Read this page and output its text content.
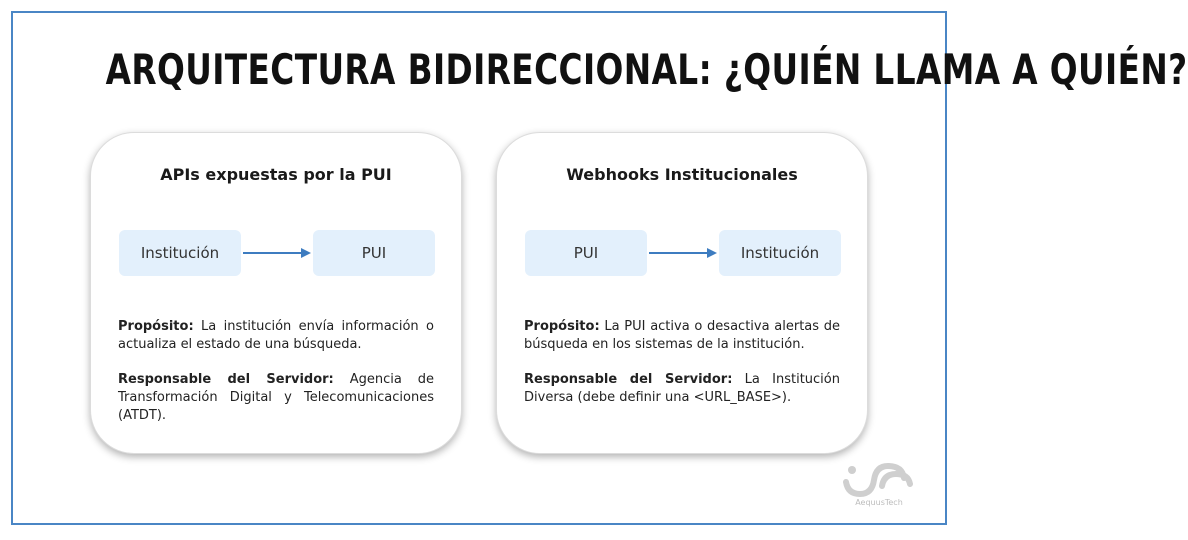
ARQUITECTURA BIDIRECCIONAL: ¿QUIÉN LLAMA A QUIÉN?
APIs expuestas por la PUI
Institución	PUI
Propósito: La institución envía información o actualiza el estado de una búsqueda.
Responsable del Servidor: Agencia de Transformación Digital y Telecomunicaciones (ATDT).
Webhooks Institucionales
PUI	Institución
Propósito: La PUI activa o desactiva alertas de búsqueda en los sistemas de la institución.
Responsable del Servidor: La Institución Diversa (debe definir una <URL_BASE>).
AequusTech
